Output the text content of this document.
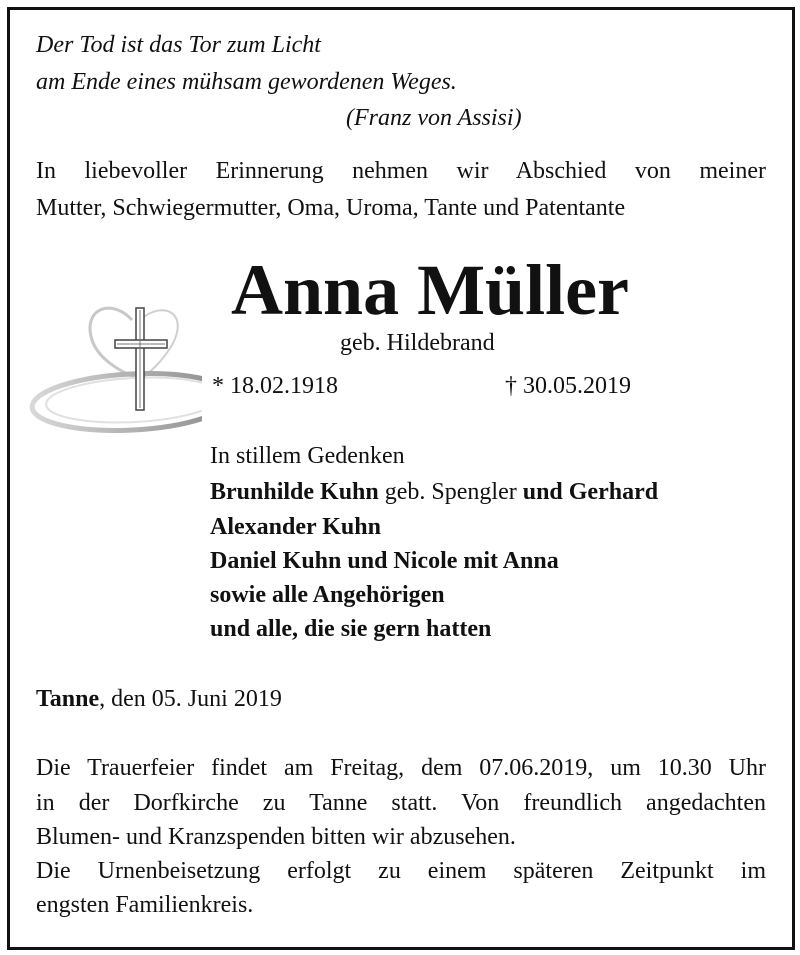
Der Tod ist das Tor zum Licht
am Ende eines mühsam gewordenen Weges.
(Franz von Assisi)
In liebevoller Erinnerung nehmen wir Abschied von meiner
Mutter, Schwiegermutter, Oma, Uroma, Tante und Patentante
Anna Müller
geb. Hildebrand
* 18.02.1918	† 30.05.2019
In stillem Gedenken
Brunhilde Kuhn geb. Spengler und Gerhard
Alexander Kuhn
Daniel Kuhn und Nicole mit Anna
sowie alle Angehörigen
und alle, die sie gern hatten
Tanne, den 05. Juni 2019
Die Trauerfeier findet am Freitag, dem 07.06.2019, um 10.30 Uhr
in der Dorfkirche zu Tanne statt. Von freundlich angedachten
Blumen- und Kranzspenden bitten wir abzusehen.
Die Urnenbeisetzung erfolgt zu einem späteren Zeitpunkt im
engsten Familienkreis.
